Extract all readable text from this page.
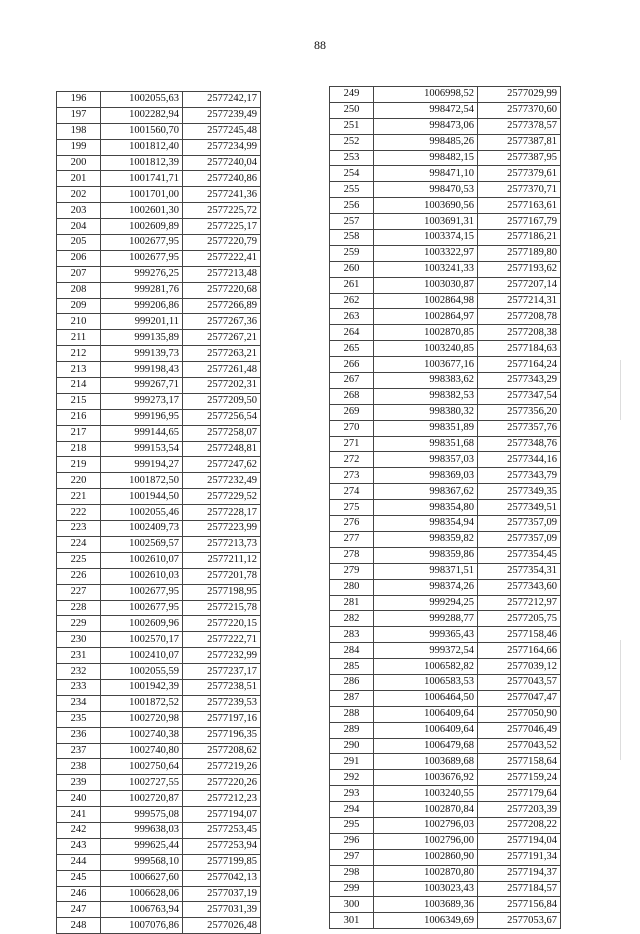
88
196	1002055,63	2577242,17
197	1002282,94	2577239,49
198	1001560,70	2577245,48
199	1001812,40	2577234,99
200	1001812,39	2577240,04
201	1001741,71	2577240,86
202	1001701,00	2577241,36
203	1002601,30	2577225,72
204	1002609,89	2577225,17
205	1002677,95	2577220,79
206	1002677,95	2577222,41
207	999276,25	2577213,48
208	999281,76	2577220,68
209	999206,86	2577266,89
210	999201,11	2577267,36
211	999135,89	2577267,21
212	999139,73	2577263,21
213	999198,43	2577261,48
214	999267,71	2577202,31
215	999273,17	2577209,50
216	999196,95	2577256,54
217	999144,65	2577258,07
218	999153,54	2577248,81
219	999194,27	2577247,62
220	1001872,50	2577232,49
221	1001944,50	2577229,52
222	1002055,46	2577228,17
223	1002409,73	2577223,99
224	1002569,57	2577213,73
225	1002610,07	2577211,12
226	1002610,03	2577201,78
227	1002677,95	2577198,95
228	1002677,95	2577215,78
229	1002609,96	2577220,15
230	1002570,17	2577222,71
231	1002410,07	2577232,99
232	1002055,59	2577237,17
233	1001942,39	2577238,51
234	1001872,52	2577239,53
235	1002720,98	2577197,16
236	1002740,38	2577196,35
237	1002740,80	2577208,62
238	1002750,64	2577219,26
239	1002727,55	2577220,26
240	1002720,87	2577212,23
241	999575,08	2577194,07
242	999638,03	2577253,45
243	999625,44	2577253,94
244	999568,10	2577199,85
245	1006627,60	2577042,13
246	1006628,06	2577037,19
247	1006763,94	2577031,39
248	1007076,86	2577026,48
249	1006998,52	2577029,99
250	998472,54	2577370,60
251	998473,06	2577378,57
252	998485,26	2577387,81
253	998482,15	2577387,95
254	998471,10	2577379,61
255	998470,53	2577370,71
256	1003690,56	2577163,61
257	1003691,31	2577167,79
258	1003374,15	2577186,21
259	1003322,97	2577189,80
260	1003241,33	2577193,62
261	1003030,87	2577207,14
262	1002864,98	2577214,31
263	1002864,97	2577208,78
264	1002870,85	2577208,38
265	1003240,85	2577184,63
266	1003677,16	2577164,24
267	998383,62	2577343,29
268	998382,53	2577347,54
269	998380,32	2577356,20
270	998351,89	2577357,76
271	998351,68	2577348,76
272	998357,03	2577344,16
273	998369,03	2577343,79
274	998367,62	2577349,35
275	998354,80	2577349,51
276	998354,94	2577357,09
277	998359,82	2577357,09
278	998359,86	2577354,45
279	998371,51	2577354,31
280	998374,26	2577343,60
281	999294,25	2577212,97
282	999288,77	2577205,75
283	999365,43	2577158,46
284	999372,54	2577164,66
285	1006582,82	2577039,12
286	1006583,53	2577043,57
287	1006464,50	2577047,47
288	1006409,64	2577050,90
289	1006409,64	2577046,49
290	1006479,68	2577043,52
291	1003689,68	2577158,64
292	1003676,92	2577159,24
293	1003240,55	2577179,64
294	1002870,84	2577203,39
295	1002796,03	2577208,22
296	1002796,00	2577194,04
297	1002860,90	2577191,34
298	1002870,80	2577194,37
299	1003023,43	2577184,57
300	1003689,36	2577156,84
301	1006349,69	2577053,67
